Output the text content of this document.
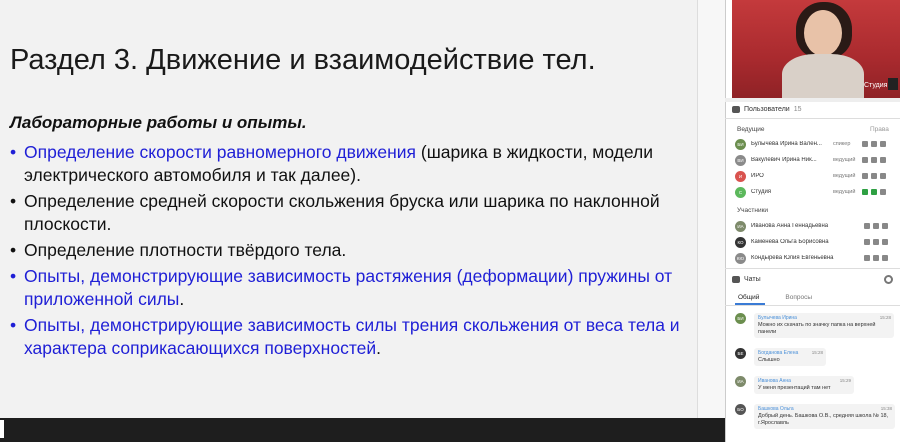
Раздел 3. Движение и взаимодействие тел.
Лабораторные работы и опыты.
• Определение скорости равномерного движения (шарика в жидкости, модели электрического автомобиля и так далее).
• Определение средней скорости скольжения бруска или шарика по наклонной плоскости.
• Определение плотности твёрдого тела.
• Опыты, демонстрирующие зависимость растяжения (деформации) пружины от приложенной силы.
• Опыты, демонстрирующие зависимость силы трения скольжения от веса тела и характера соприкасающихся поверхностей.
Студия
Пользователи 15
Ведущие	Права
БИ	Булычева Ирина Вален...	спикер
ВИ	Вакулевич Ирина Ник...	ведущий
И	ИРО	ведущий
С	Студия	ведущий
Участники
ИА	Иванова Анна Геннадьевна
КО	Каменева Ольга Борисовна
КЮ	Кондырева Юлия Евгеньевна
Чаты
Общий	Вопросы
БИ	Булычева Ирина	15:28
Можно их скачать по значку папка на верхней панели
БЕ	Богданова Елена	15:28
Слышно
ИА	Иванова Анна	15:29
У меня презентаций там нет
БО	Башкова Ольга	15:38
Добрый день. Башкова О.В., средняя школа № 18, г.Ярославль
